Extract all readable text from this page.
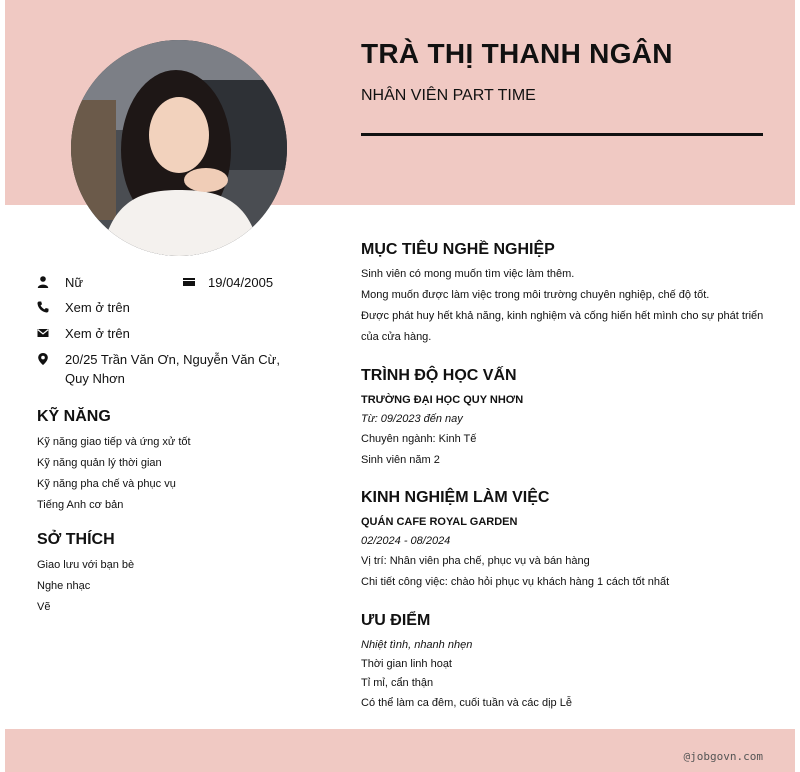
TRÀ THỊ THANH NGÂN
NHÂN VIÊN PART TIME
Nữ	19/04/2005
Xem ở trên
Xem ở trên
20/25 Trần Văn Ơn, Nguyễn Văn Cừ, Quy Nhơn
KỸ NĂNG
Kỹ năng giao tiếp và ứng xử tốt
Kỹ năng quản lý thời gian
Kỹ năng pha chế và phục vụ
Tiếng Anh cơ bản
SỞ THÍCH
Giao lưu với bạn bè
Nghe nhạc
Vẽ
MỤC TIÊU NGHỀ NGHIỆP
Sinh viên có mong muốn tìm việc làm thêm.
Mong muốn được làm việc trong môi trường chuyên nghiệp, chế độ tốt.
Được phát huy hết khả năng, kinh nghiệm và cống hiến hết mình cho sự phát triển
của cửa hàng.
TRÌNH ĐỘ HỌC VẤN
TRƯỜNG ĐẠI HỌC QUY NHƠN
Từ: 09/2023 đến nay
Chuyên ngành: Kinh Tế
Sinh viên năm 2
KINH NGHIỆM LÀM VIỆC
QUÁN CAFE ROYAL GARDEN
02/2024 - 08/2024
Vị trí: Nhân viên pha chế, phục vụ và bán hàng
Chi tiết công việc: chào hỏi phục vụ khách hàng 1 cách tốt nhất
ƯU ĐIỂM
Nhiệt tình, nhanh nhẹn
Thời gian linh hoạt
Tỉ mỉ, cẩn thận
Có thể làm ca đêm, cuối tuần và các dịp Lễ
@jobgovn.com
